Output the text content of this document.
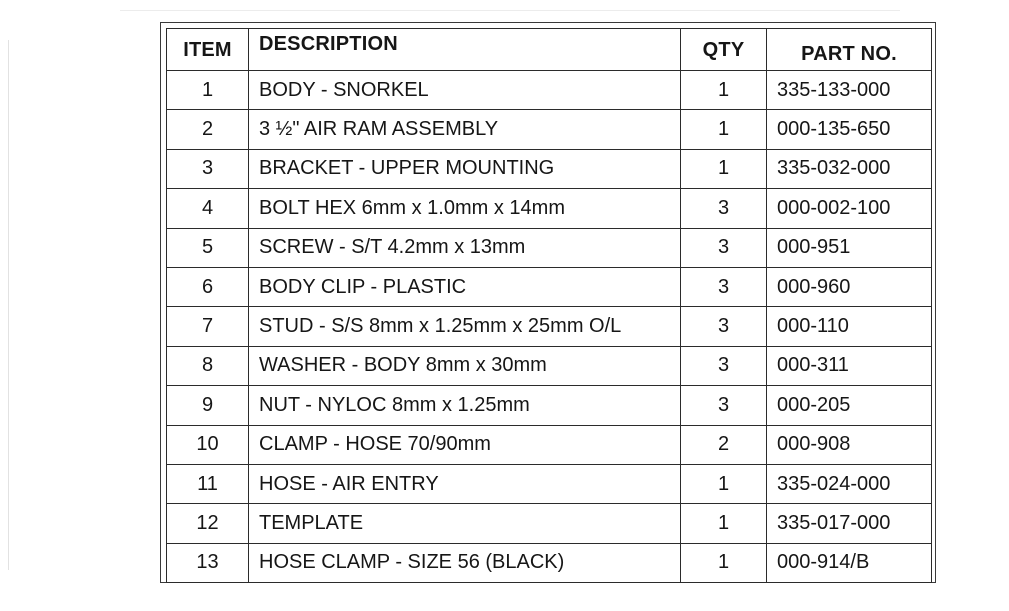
ITEM	DESCRIPTION	QTY	PART NO.
1	BODY - SNORKEL	1	335-133-000
2	3 ½" AIR RAM ASSEMBLY	1	000-135-650
3	BRACKET - UPPER MOUNTING	1	335-032-000
4	BOLT HEX 6mm x 1.0mm x 14mm	3	000-002-100
5	SCREW - S/T 4.2mm x 13mm	3	000-951
6	BODY CLIP - PLASTIC	3	000-960
7	STUD - S/S 8mm x 1.25mm x 25mm O/L	3	000-110
8	WASHER - BODY 8mm x 30mm	3	000-311
9	NUT - NYLOC 8mm x 1.25mm	3	000-205
10	CLAMP - HOSE 70/90mm	2	000-908
11	HOSE - AIR ENTRY	1	335-024-000
12	TEMPLATE	1	335-017-000
13	HOSE CLAMP - SIZE 56 (BLACK)	1	000-914/B
